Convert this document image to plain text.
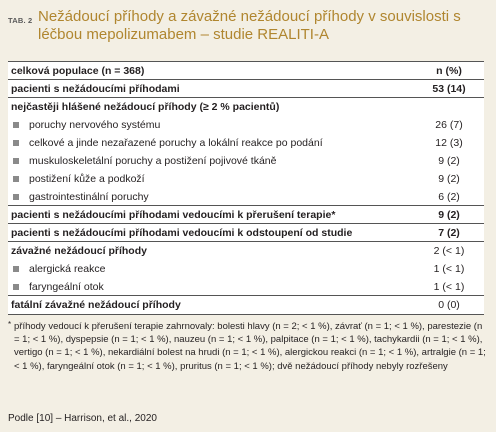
TAB. 2 Nežádoucí příhody a závažné nežádoucí příhody v souvislosti s léčbou mepolizumabem – studie REALITI-A
celková populace (n = 368)	n (%)
pacienti s nežádoucími příhodami	53 (14)
nejčastěji hlášené nežádoucí příhody (≥ 2 % pacientů)
poruchy nervového systému	26 (7)
celkové a jinde nezařazené poruchy a lokální reakce po podání	12 (3)
muskuloskeletální poruchy a postižení pojivové tkáně	9 (2)
postižení kůže a podkoží	9 (2)
gastrointestinální poruchy	6 (2)
pacienti s nežádoucími příhodami vedoucími k přerušení terapie*	9 (2)
pacienti s nežádoucími příhodami vedoucími k odstoupení od studie	7 (2)
závažné nežádoucí příhody	2 (< 1)
alergická reakce	1 (< 1)
faryngeální otok	1 (< 1)
fatální závažné nežádoucí příhody	0 (0)
* příhody vedoucí k přerušení terapie zahrnovaly: bolesti hlavy (n = 2; < 1 %), závrať (n = 1; < 1 %), parestezie (n = 1; < 1 %), dyspepsie (n = 1; < 1 %), nauzeu (n = 1; < 1 %), palpitace (n = 1; < 1 %), tachykardii (n = 1; < 1 %), vertigo (n = 1; < 1 %), nekardiální bolest na hrudi (n = 1; < 1 %), alergickou reakci (n = 1; < 1 %), artralgie (n = 1; < 1 %), faryngeální otok (n = 1; < 1 %), pruritus (n = 1; < 1 %); dvě nežádoucí příhody nebyly rozřešeny
Podle [10] – Harrison, et al., 2020
